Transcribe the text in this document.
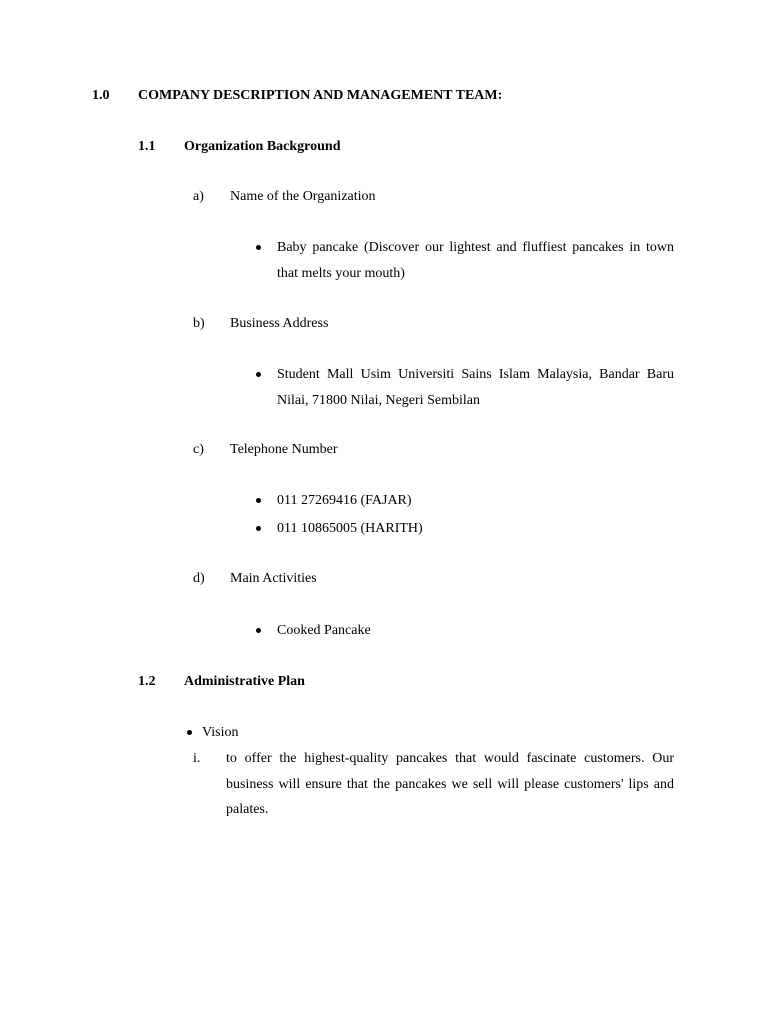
1.0 COMPANY DESCRIPTION AND MANAGEMENT TEAM:
1.1 Organization Background
a) Name of the Organization
Baby pancake (Discover our lightest and fluffiest pancakes in town that melts your mouth)
b) Business Address
Student Mall Usim Universiti Sains Islam Malaysia, Bandar Baru Nilai, 71800 Nilai, Negeri Sembilan
c) Telephone Number
011 27269416 (FAJAR)
011 10865005 (HARITH)
d) Main Activities
Cooked Pancake
1.2 Administrative Plan
Vision
i. to offer the highest-quality pancakes that would fascinate customers. Our business will ensure that the pancakes we sell will please customers' lips and palates.
